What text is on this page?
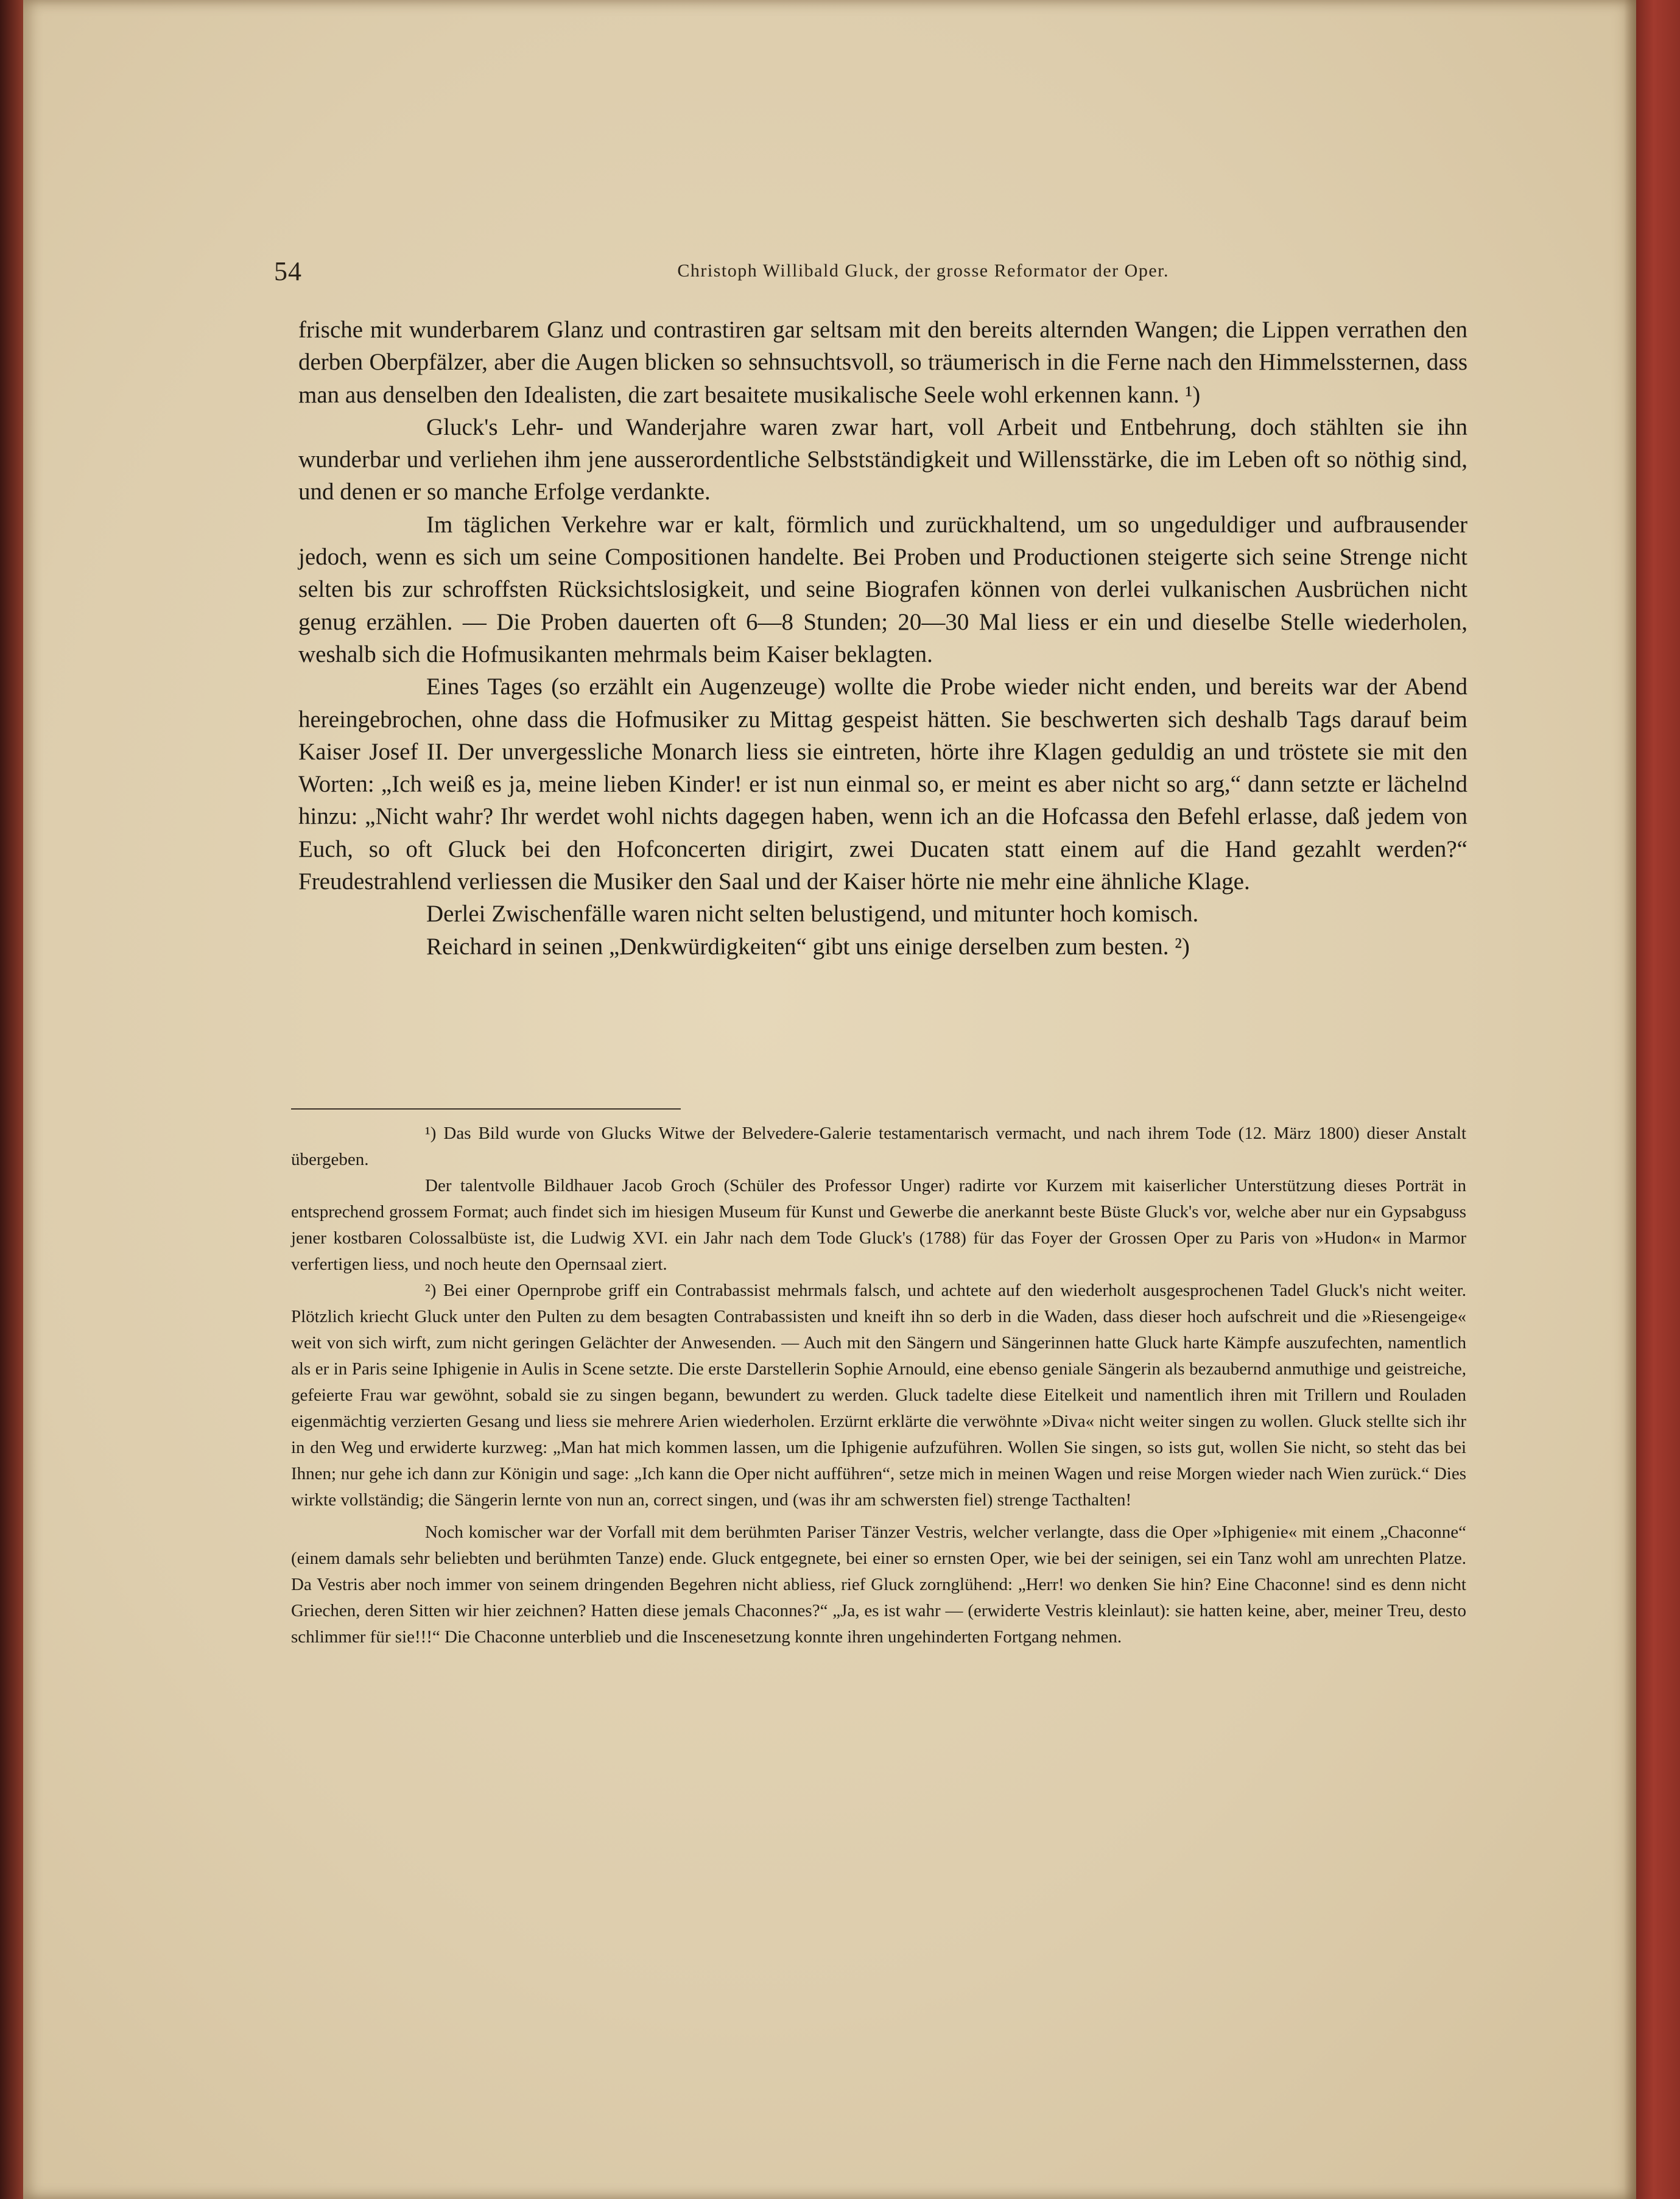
54	Christoph Willibald Gluck, der grosse Reformator der Oper.

frische mit wunderbarem Glanz und contrastiren gar seltsam mit den bereits alternden Wangen; die Lippen verrathen den derben Oberpfälzer, aber die Augen blicken so sehnsuchtsvoll, so träumerisch in die Ferne nach den Himmelssternen, dass man aus denselben den Idealisten, die zart besaitete musikalische Seele wohl erkennen kann. ¹)

Gluck's Lehr- und Wanderjahre waren zwar hart, voll Arbeit und Entbehrung, doch stählten sie ihn wunderbar und verliehen ihm jene ausserordentliche Selbstständigkeit und Willensstärke, die im Leben oft so nöthig sind, und denen er so manche Erfolge verdankte.

Im täglichen Verkehre war er kalt, förmlich und zurückhaltend, um so ungeduldiger und aufbrausender jedoch, wenn es sich um seine Compositionen handelte. Bei Proben und Productionen steigerte sich seine Strenge nicht selten bis zur schroffsten Rücksichtslosigkeit, und seine Biografen können von derlei vulkanischen Ausbrüchen nicht genug erzählen. — Die Proben dauerten oft 6—8 Stunden; 20—30 Mal liess er ein und dieselbe Stelle wiederholen, weshalb sich die Hofmusikanten mehrmals beim Kaiser beklagten.

Eines Tages (so erzählt ein Augenzeuge) wollte die Probe wieder nicht enden, und bereits war der Abend hereingebrochen, ohne dass die Hofmusiker zu Mittag gespeist hätten. Sie beschwerten sich deshalb Tags darauf beim Kaiser Josef II. Der unvergessliche Monarch liess sie eintreten, hörte ihre Klagen geduldig an und tröstete sie mit den Worten: „Ich weiß es ja, meine lieben Kinder! er ist nun einmal so, er meint es aber nicht so arg,“ dann setzte er lächelnd hinzu: „Nicht wahr? Ihr werdet wohl nichts dagegen haben, wenn ich an die Hofcassa den Befehl erlasse, daß jedem von Euch, so oft Gluck bei den Hofconcerten dirigirt, zwei Ducaten statt einem auf die Hand gezahlt werden?“ Freudestrahlend verliessen die Musiker den Saal und der Kaiser hörte nie mehr eine ähnliche Klage.

Derlei Zwischenfälle waren nicht selten belustigend, und mitunter hoch komisch.

Reichard in seinen „Denkwürdigkeiten“ gibt uns einige derselben zum besten. ²)

¹) Das Bild wurde von Glucks Witwe der Belvedere-Galerie testamentarisch vermacht, und nach ihrem Tode (12. März 1800) dieser Anstalt übergeben.

Der talentvolle Bildhauer Jacob Groch (Schüler des Professor Unger) radirte vor Kurzem mit kaiserlicher Unterstützung dieses Porträt in entsprechend grossem Format; auch findet sich im hiesigen Museum für Kunst und Gewerbe die anerkannt beste Büste Gluck's vor, welche aber nur ein Gypsabguss jener kostbaren Colossalbüste ist, die Ludwig XVI. ein Jahr nach dem Tode Gluck's (1788) für das Foyer der Grossen Oper zu Paris von »Hudon« in Marmor verfertigen liess, und noch heute den Opernsaal ziert.

²) Bei einer Opernprobe griff ein Contrabassist mehrmals falsch, und achtete auf den wiederholt ausgesprochenen Tadel Gluck's nicht weiter. Plötzlich kriecht Gluck unter den Pulten zu dem besagten Contrabassisten und kneift ihn so derb in die Waden, dass dieser hoch aufschreit und die »Riesengeige« weit von sich wirft, zum nicht geringen Gelächter der Anwesenden. — Auch mit den Sängern und Sängerinnen hatte Gluck harte Kämpfe auszufechten, namentlich als er in Paris seine Iphigenie in Aulis in Scene setzte. Die erste Darstellerin Sophie Arnould, eine ebenso geniale Sängerin als bezaubernd anmuthige und geistreiche, gefeierte Frau war gewöhnt, sobald sie zu singen begann, bewundert zu werden. Gluck tadelte diese Eitelkeit und namentlich ihren mit Trillern und Rouladen eigenmächtig verzierten Gesang und liess sie mehrere Arien wiederholen. Erzürnt erklärte die verwöhnte »Diva« nicht weiter singen zu wollen. Gluck stellte sich ihr in den Weg und erwiderte kurzweg: „Man hat mich kommen lassen, um die Iphigenie aufzuführen. Wollen Sie singen, so ists gut, wollen Sie nicht, so steht das bei Ihnen; nur gehe ich dann zur Königin und sage: „Ich kann die Oper nicht aufführen“, setze mich in meinen Wagen und reise Morgen wieder nach Wien zurück.“ Dies wirkte vollständig; die Sängerin lernte von nun an, correct singen, und (was ihr am schwersten fiel) strenge Tacthalten!

Noch komischer war der Vorfall mit dem berühmten Pariser Tänzer Vestris, welcher verlangte, dass die Oper »Iphigenie« mit einem „Chaconne“ (einem damals sehr beliebten und berühmten Tanze) ende. Gluck entgegnete, bei einer so ernsten Oper, wie bei der seinigen, sei ein Tanz wohl am unrechten Platze. Da Vestris aber noch immer von seinem dringenden Begehren nicht abliess, rief Gluck zornglühend: „Herr! wo denken Sie hin? Eine Chaconne! sind es denn nicht Griechen, deren Sitten wir hier zeichnen? Hatten diese jemals Chaconnes?“ „Ja, es ist wahr — (erwiderte Vestris kleinlaut): sie hatten keine, aber, meiner Treu, desto schlimmer für sie!!!“ Die Chaconne unterblieb und die Inscenesetzung konnte ihren ungehinderten Fortgang nehmen.
